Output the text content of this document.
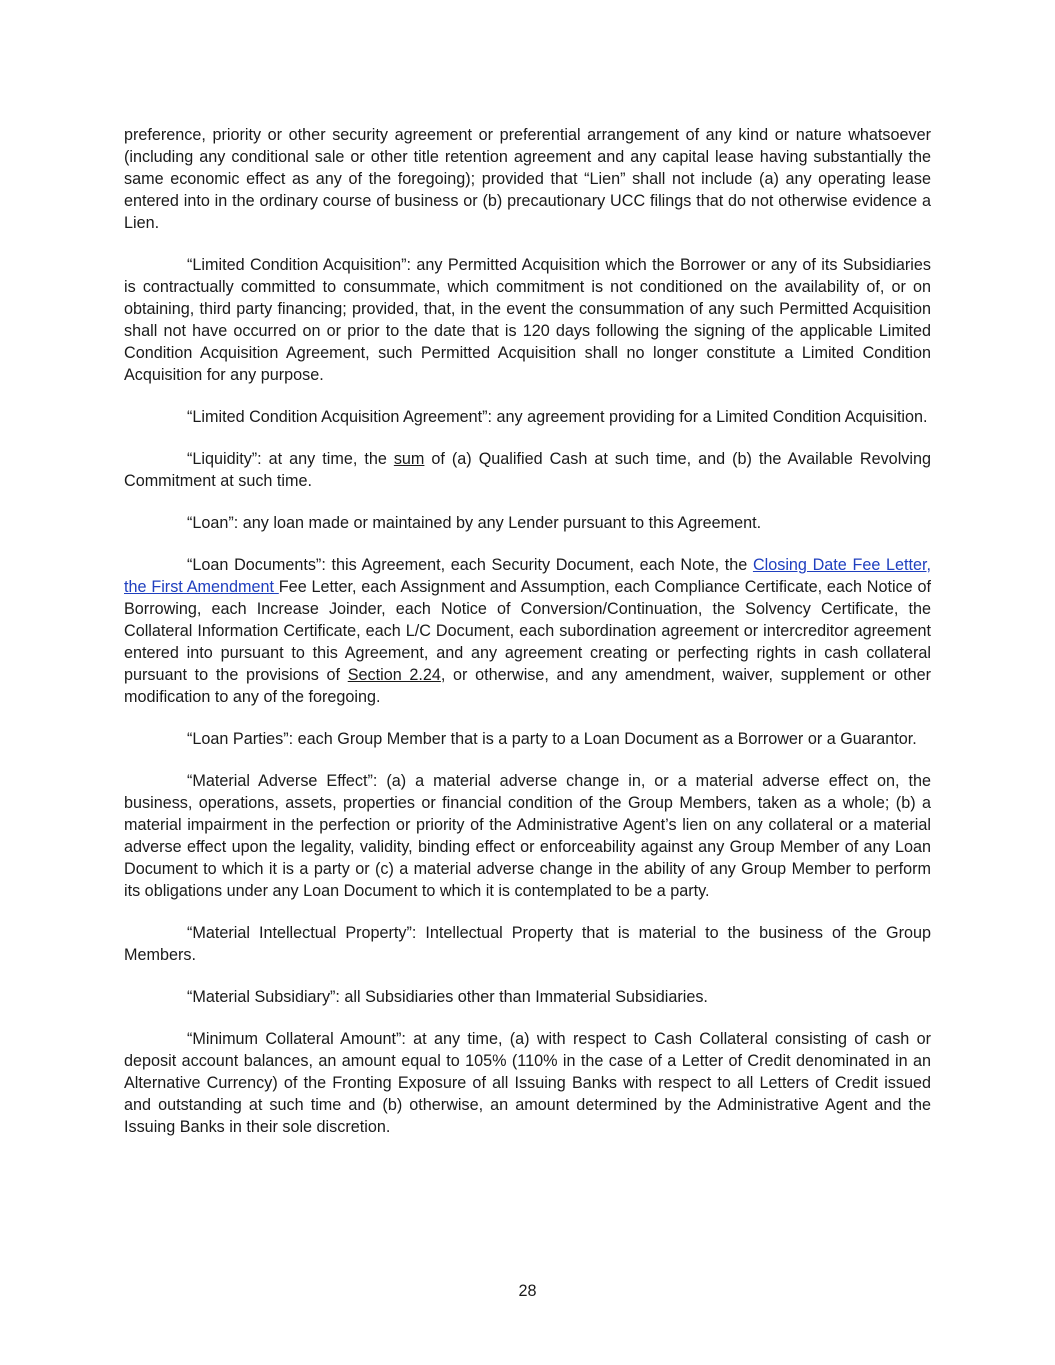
preference, priority or other security agreement or preferential arrangement of any kind or nature whatsoever (including any conditional sale or other title retention agreement and any capital lease having substantially the same economic effect as any of the foregoing); provided that “Lien” shall not include (a) any operating lease entered into in the ordinary course of business or (b) precautionary UCC filings that do not otherwise evidence a Lien.

“Limited Condition Acquisition”: any Permitted Acquisition which the Borrower or any of its Subsidiaries is contractually committed to consummate, which commitment is not conditioned on the availability of, or on obtaining, third party financing; provided, that, in the event the consummation of any such Permitted Acquisition shall not have occurred on or prior to the date that is 120 days following the signing of the applicable Limited Condition Acquisition Agreement, such Permitted Acquisition shall no longer constitute a Limited Condition Acquisition for any purpose.

“Limited Condition Acquisition Agreement”: any agreement providing for a Limited Condition Acquisition.

“Liquidity”: at any time, the sum of (a) Qualified Cash at such time, and (b) the Available Revolving Commitment at such time.

“Loan”: any loan made or maintained by any Lender pursuant to this Agreement.

“Loan Documents”: this Agreement, each Security Document, each Note, the Closing Date Fee Letter, the First Amendment Fee Letter, each Assignment and Assumption, each Compliance Certificate, each Notice of Borrowing, each Increase Joinder, each Notice of Conversion/Continuation, the Solvency Certificate, the Collateral Information Certificate, each L/C Document, each subordination agreement or intercreditor agreement entered into pursuant to this Agreement, and any agreement creating or perfecting rights in cash collateral pursuant to the provisions of Section 2.24, or otherwise, and any amendment, waiver, supplement or other modification to any of the foregoing.

“Loan Parties”: each Group Member that is a party to a Loan Document as a Borrower or a Guarantor.

“Material Adverse Effect”: (a) a material adverse change in, or a material adverse effect on, the business, operations, assets, properties or financial condition of the Group Members, taken as a whole; (b) a material impairment in the perfection or priority of the Administrative Agent’s lien on any collateral or a material adverse effect upon the legality, validity, binding effect or enforceability against any Group Member of any Loan Document to which it is a party or (c) a material adverse change in the ability of any Group Member to perform its obligations under any Loan Document to which it is contemplated to be a party.

“Material Intellectual Property”: Intellectual Property that is material to the business of the Group Members.

“Material Subsidiary”: all Subsidiaries other than Immaterial Subsidiaries.

“Minimum Collateral Amount”: at any time, (a) with respect to Cash Collateral consisting of cash or deposit account balances, an amount equal to 105% (110% in the case of a Letter of Credit denominated in an Alternative Currency) of the Fronting Exposure of all Issuing Banks with respect to all Letters of Credit issued and outstanding at such time and (b) otherwise, an amount determined by the Administrative Agent and the Issuing Banks in their sole discretion.

28
